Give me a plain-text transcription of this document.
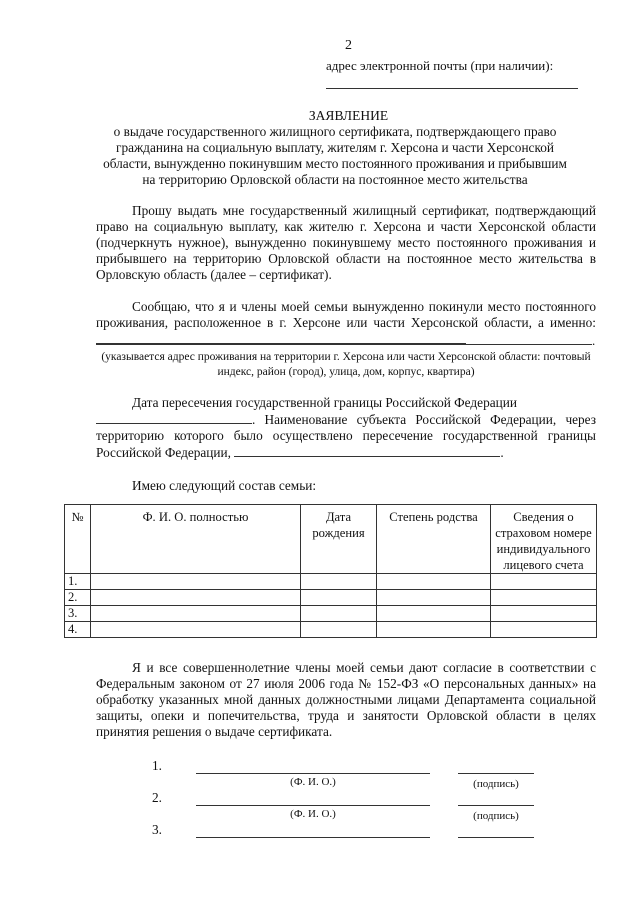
2
адрес электронной почты (при наличии):
ЗАЯВЛЕНИЕ
о выдаче государственного жилищного сертификата, подтверждающего право гражданина на социальную выплату, жителям г. Херсона и части Херсонской области, вынужденно покинувшим место постоянного проживания и прибывшим на территорию Орловской области на постоянное место жительства

Прошу выдать мне государственный жилищный сертификат, подтверждающий право на социальную выплату, как жителю г. Херсона и части Херсонской области (подчеркнуть нужное), вынужденно покинувшему место постоянного проживания и прибывшего на территорию Орловской области на постоянное место жительства в Орловскую область (далее – сертификат).

Сообщаю, что я и члены моей семьи вынужденно покинули место постоянного проживания, расположенное в г. Херсоне или части Херсонской области, а именно:

.
(указывается адрес проживания на территории г. Херсона или части Херсонской области: почтовый индекс, район (город), улица, дом, корпус, квартира)

Дата пересечения государственной границы Российской Федерации

. Наименование субъекта Российской Федерации, через территорию которого было осуществлено пересечение государственной границы Российской Федерации,	.

Имею следующий состав семьи:
№	Ф. И. О. полностью	Дата рождения	Степень родства	Сведения о страховом номере индивидуального лицевого счета
1.				
2.				
3.				
4.				

Я и все совершеннолетние члены моей семьи дают согласие в соответствии с Федеральным законом от 27 июля 2006 года № 152-ФЗ «О персональных данных» на обработку указанных мной данных должностными лицами Департамента социальной защиты, опеки и попечительства, труда и занятости Орловской области в целях принятия решения о выдаче сертификата.

1.
(Ф. И. О.)	(подпись)
2.
(Ф. И. О.)	(подпись)
3.
